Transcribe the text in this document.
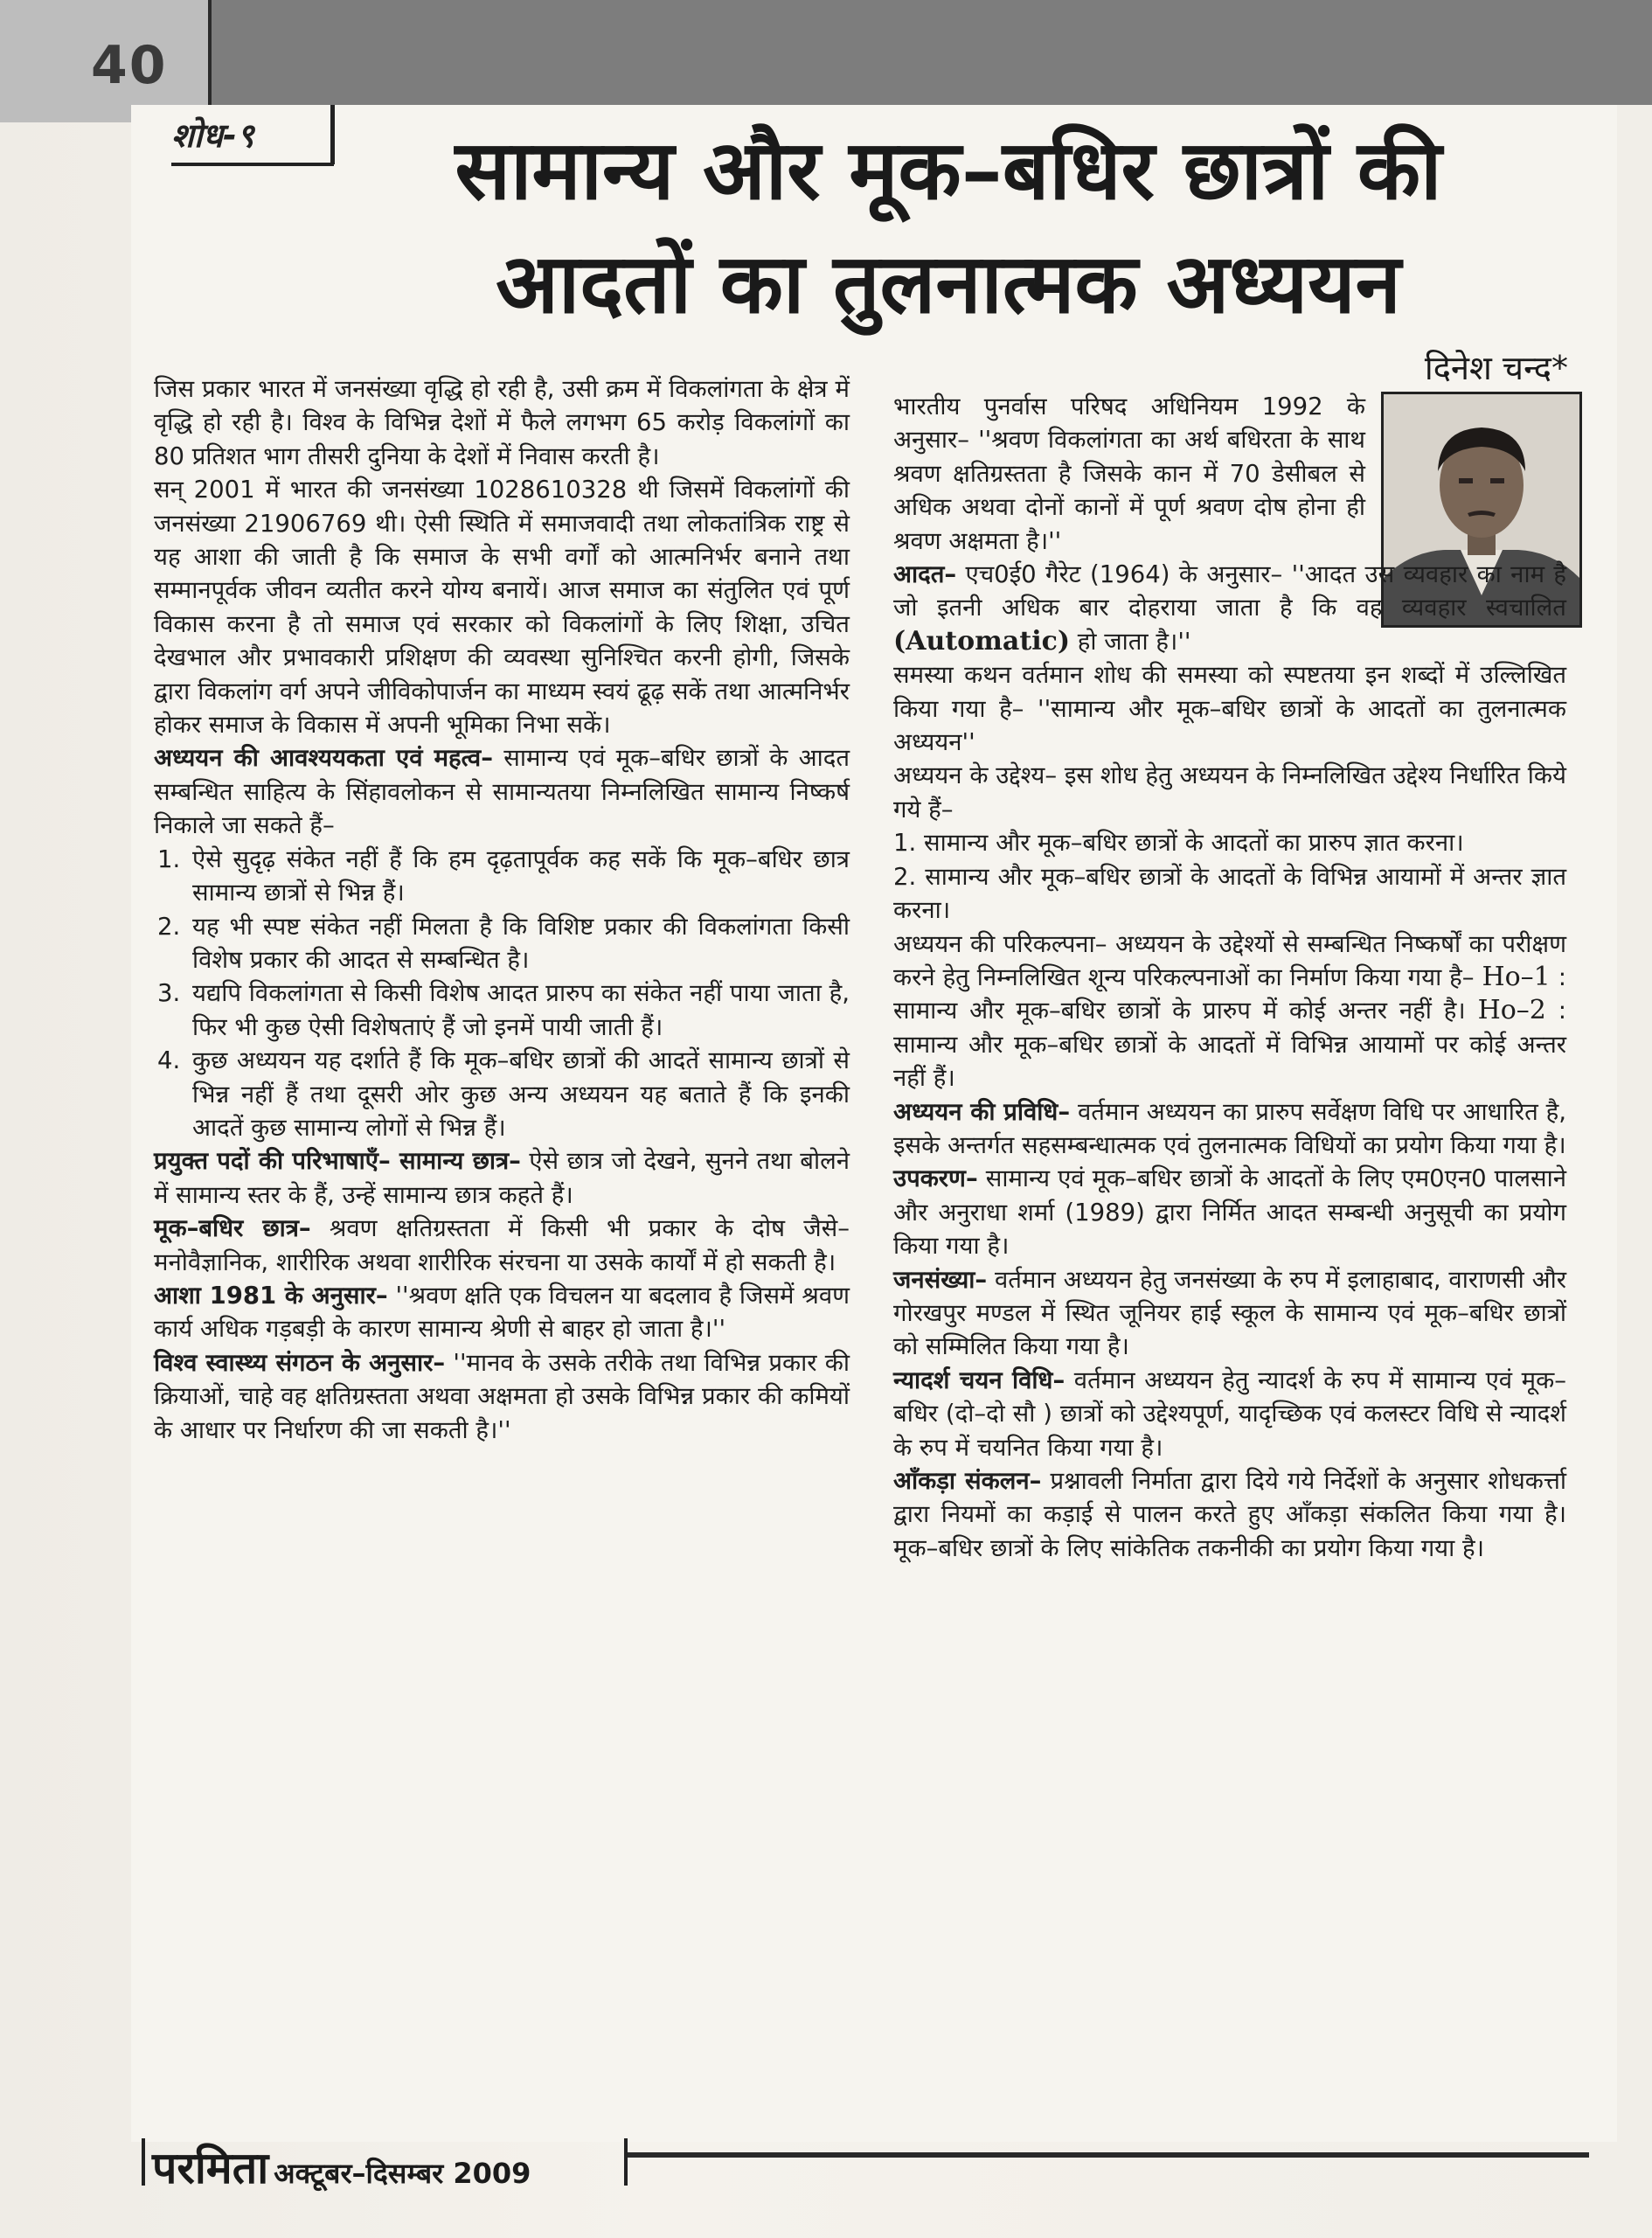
40
शोध-९	सामान्य और मूक–बधिर छात्रों की
आदतों का तुलनात्मक अध्ययन
दिनेश चन्द*

जिस प्रकार भारत में जनसंख्या वृद्धि हो रही है, उसी क्रम में विकलांगता के क्षेत्र में वृद्धि हो रही है। विश्व के विभिन्न देशों में फैले लगभग 65 करोड़ विकलांगों का 80 प्रतिशत भाग तीसरी दुनिया के देशों में निवास करती है।

सन् 2001 में भारत की जनसंख्या 1028610328 थी जिसमें विकलांगों की जनसंख्या 21906769 थी। ऐसी स्थिति में समाजवादी तथा लोकतांत्रिक राष्ट्र से यह आशा की जाती है कि समाज के सभी वर्गों को आत्मनिर्भर बनाने तथा सम्मानपूर्वक जीवन व्यतीत करने योग्य बनायें। आज समाज का संतुलित एवं पूर्ण विकास करना है तो समाज एवं सरकार को विकलांगों के लिए शिक्षा, उचित देखभाल और प्रभावकारी प्रशिक्षण की व्यवस्था सुनिश्चित करनी होगी, जिसके द्वारा विकलांग वर्ग अपने जीविकोपार्जन का माध्यम स्वयं ढूढ़ सकें तथा आत्मनिर्भर होकर समाज के विकास में अपनी भूमिका निभा सकें।

अध्ययन की आवश्ययकता एवं महत्व– सामान्य एवं मूक–बधिर छात्रों के आदत सम्बन्धित साहित्य के सिंहावलोकन से सामान्यतया निम्नलिखित सामान्य निष्कर्ष निकाले जा सकते हैं–

1. ऐसे सुदृढ़ संकेत नहीं हैं कि हम दृढ़तापूर्वक कह सकें कि मूक–बधिर छात्र सामान्य छात्रों से भिन्न हैं।
2. यह भी स्पष्ट संकेत नहीं मिलता है कि विशिष्ट प्रकार की विकलांगता किसी विशेष प्रकार की आदत से सम्बन्धित है।
3. यद्यपि विकलांगता से किसी विशेष आदत प्रारुप का संकेत नहीं पाया जाता है, फिर भी कुछ ऐसी विशेषताएं हैं जो इनमें पायी जाती हैं।
4. कुछ अध्ययन यह दर्शाते हैं कि मूक–बधिर छात्रों की आदतें सामान्य छात्रों से भिन्न नहीं हैं तथा दूसरी ओर कुछ अन्य अध्ययन यह बताते हैं कि इनकी आदतें कुछ सामान्य लोगों से भिन्न हैं।

प्रयुक्त पदों की परिभाषाएँ– सामान्य छात्र– ऐसे छात्र जो देखने, सुनने तथा बोलने में सामान्य स्तर के हैं, उन्हें सामान्य छात्र कहते हैं।

मूक–बधिर छात्र– श्रवण क्षतिग्रस्तता में किसी भी प्रकार के दोष जैसे–मनोवैज्ञानिक, शारीरिक अथवा शारीरिक संरचना या उसके कार्यों में हो सकती है।

आशा 1981 के अनुसार– ''श्रवण क्षति एक विचलन या बदलाव है जिसमें श्रवण कार्य अधिक गड़बड़ी के कारण सामान्य श्रेणी से बाहर हो जाता है।''

विश्व स्वास्थ्य संगठन के अनुसार– ''मानव के उसके तरीके तथा विभिन्न प्रकार की क्रियाओं, चाहे वह क्षतिग्रस्तता अथवा अक्षमता हो उसके विभिन्न प्रकार की कमियों के आधार पर निर्धारण की जा सकती है।''

भारतीय पुनर्वास परिषद अधिनियम 1992 के अनुसार– ''श्रवण विकलांगता का अर्थ बधिरता के साथ श्रवण क्षतिग्रस्तता है जिसके कान में 70 डेसीबल से अधिक अथवा दोनों कानों में पूर्ण श्रवण दोष होना ही श्रवण अक्षमता है।''

आदत– एच0ई0 गैरेट (1964) के अनुसार– ''आदत उस व्यवहार का नाम है जो इतनी अधिक बार दोहराया जाता है कि वह व्यवहार स्वचालित (Automatic) हो जाता है।''

समस्या कथन वर्तमान शोध की समस्या को स्पष्टतया इन शब्दों में उल्लिखित किया गया है– ''सामान्य और मूक–बधिर छात्रों के आदतों का तुलनात्मक अध्ययन''

अध्ययन के उद्देश्य– इस शोध हेतु अध्ययन के निम्नलिखित उद्देश्य निर्धारित किये गये हैं–

1. सामान्य और मूक–बधिर छात्रों के आदतों का प्रारुप ज्ञात करना।

2. सामान्य और मूक–बधिर छात्रों के आदतों के विभिन्न आयामों में अन्तर ज्ञात करना।

अध्ययन की परिकल्पना– अध्ययन के उद्देश्यों से सम्बन्धित निष्कर्षों का परीक्षण करने हेतु निम्नलिखित शून्य परिकल्पनाओं का निर्माण किया गया है– Ho–1 : सामान्य और मूक–बधिर छात्रों के प्रारुप में कोई अन्तर नहीं है। Ho–2 : सामान्य और मूक–बधिर छात्रों के आदतों में विभिन्न आयामों पर कोई अन्तर नहीं हैं।

अध्ययन की प्रविधि– वर्तमान अध्ययन का प्रारुप सर्वेक्षण विधि पर आधारित है, इसके अन्तर्गत सहसम्बन्धात्मक एवं तुलनात्मक विधियों का प्रयोग किया गया है।

उपकरण– सामान्य एवं मूक–बधिर छात्रों के आदतों के लिए एम0एन0 पालसाने और अनुराधा शर्मा (1989) द्वारा निर्मित आदत सम्बन्धी अनुसूची का प्रयोग किया गया है।

जनसंख्या– वर्तमान अध्ययन हेतु जनसंख्या के रुप में इलाहाबाद, वाराणसी और गोरखपुर मण्डल में स्थित जूनियर हाई स्कूल के सामान्य एवं मूक–बधिर छात्रों को सम्मिलित किया गया है।

न्यादर्श चयन विधि– वर्तमान अध्ययन हेतु न्यादर्श के रुप में सामान्य एवं मूक–बधिर (दो–दो सौ ) छात्रों को उद्देश्यपूर्ण, यादृच्छिक एवं कलस्टर विधि से न्यादर्श के रुप में चयनित किया गया है।

आँकड़ा संकलन– प्रश्नावली निर्माता द्वारा दिये गये निर्देशों के अनुसार शोधकर्त्ता द्वारा नियमों का कड़ाई से पालन करते हुए आँकड़ा संकलित किया गया है। मूक–बधिर छात्रों के लिए सांकेतिक तकनीकी का प्रयोग किया गया है।

परमिता अक्टूबर–दिसम्बर 2009
